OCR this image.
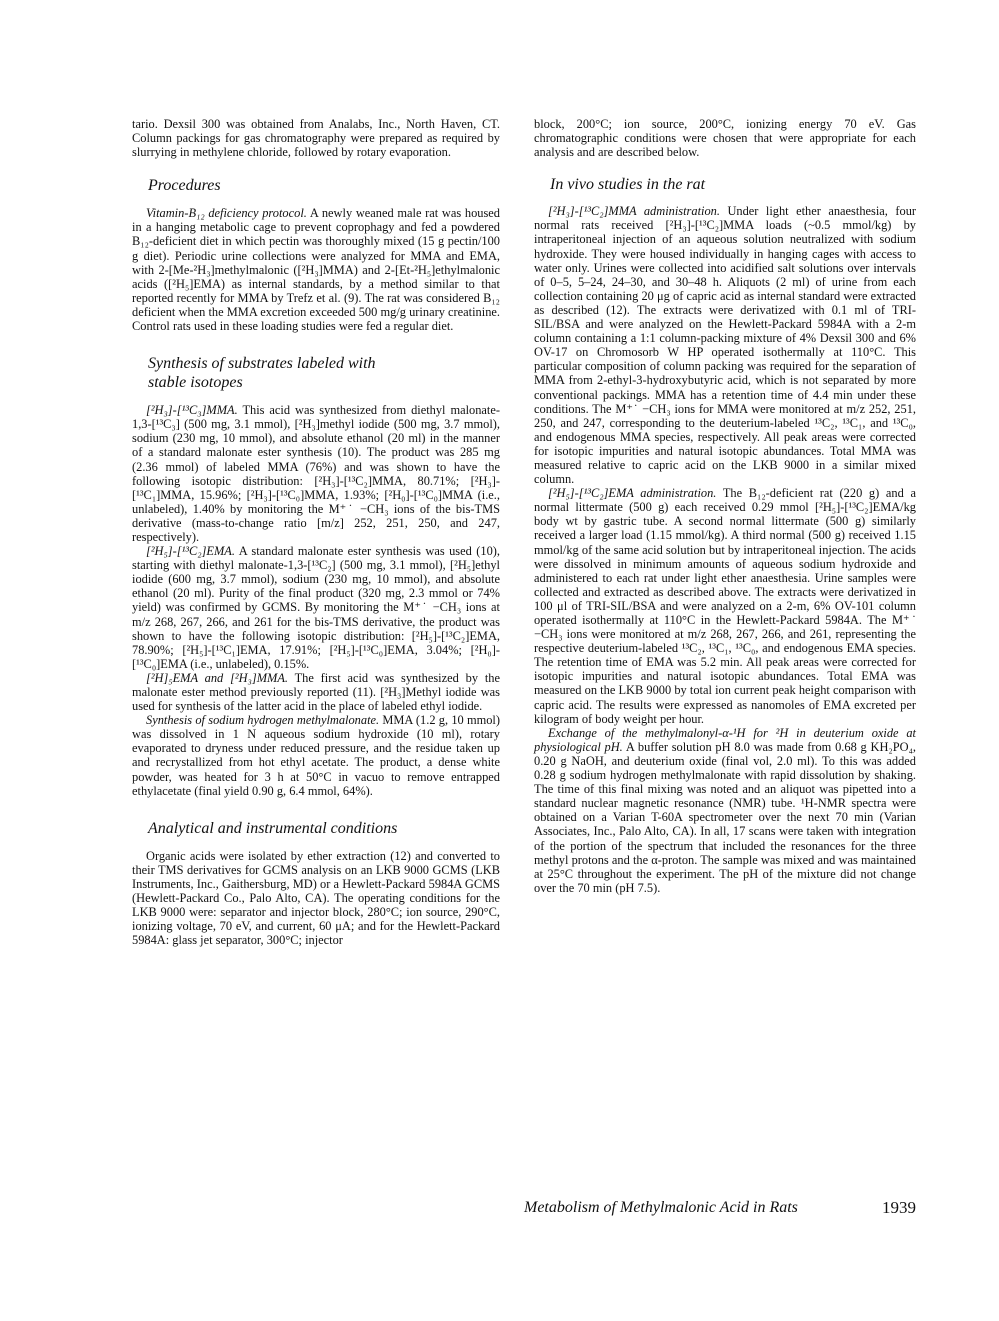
tario. Dexsil 300 was obtained from Analabs, Inc., North Haven, CT. Column packings for gas chromatography were prepared as required by slurrying in methylene chloride, followed by rotary evaporation.

Procedures

Vitamin-B₁₂ deficiency protocol. A newly weaned male rat was housed in a hanging metabolic cage to prevent coprophagy and fed a powdered B₁₂-deficient diet in which pectin was thoroughly mixed (15 g pectin/100 g diet). Periodic urine collections were analyzed for MMA and EMA, with 2-[Me-²H₃]methylmalonic ([²H₃]MMA) and 2-[Et-²H₅]ethylmalonic acids ([²H₅]EMA) as internal standards, by a method similar to that reported recently for MMA by Trefz et al. (9). The rat was considered B₁₂ deficient when the MMA excretion exceeded 500 mg/g urinary creatinine. Control rats used in these loading studies were fed a regular diet.

Synthesis of substrates labeled with
stable isotopes

[²H₃]-[¹³C₃]MMA. This acid was synthesized from diethyl malonate-1,3-[¹³C₃] (500 mg, 3.1 mmol), [²H₃]methyl iodide (500 mg, 3.7 mmol), sodium (230 mg, 10 mmol), and absolute ethanol (20 ml) in the manner of a standard malonate ester synthesis (10). The product was 285 mg (2.36 mmol) of labeled MMA (76%) and was shown to have the following isotopic distribution: [²H₃]-[¹³C₂]MMA, 80.71%; [²H₃]-[¹³C₁]MMA, 15.96%; [²H₃]-[¹³C₀]MMA, 1.93%; [²H₀]-[¹³C₀]MMA (i.e., unlabeled), 1.40% by monitoring the M⁺˙ −CH₃ ions of the bis-TMS derivative (mass-to-change ratio [m/z] 252, 251, 250, and 247, respectively).

[²H₅]-[¹³C₂]EMA. A standard malonate ester synthesis was used (10), starting with diethyl malonate-1,3-[¹³C₂] (500 mg, 3.1 mmol), [²H₅]ethyl iodide (600 mg, 3.7 mmol), sodium (230 mg, 10 mmol), and absolute ethanol (20 ml). Purity of the final product (320 mg, 2.3 mmol or 74% yield) was confirmed by GCMS. By monitoring the M⁺˙ −CH₃ ions at m/z 268, 267, 266, and 261 for the bis-TMS derivative, the product was shown to have the following isotopic distribution: [²H₅]-[¹³C₂]EMA, 78.90%; [²H₅]-[¹³C₁]EMA, 17.91%; [²H₅]-[¹³C₀]EMA, 3.04%; [²H₀]-[¹³C₀]EMA (i.e., unlabeled), 0.15%.

[²H]₅EMA and [²H₃]MMA. The first acid was synthesized by the malonate ester method previously reported (11). [²H₃]Methyl iodide was used for synthesis of the latter acid in the place of labeled ethyl iodide.

Synthesis of sodium hydrogen methylmalonate. MMA (1.2 g, 10 mmol) was dissolved in 1 N aqueous sodium hydroxide (10 ml), rotary evaporated to dryness under reduced pressure, and the residue taken up and recrystallized from hot ethyl acetate. The product, a dense white powder, was heated for 3 h at 50°C in vacuo to remove entrapped ethylacetate (final yield 0.90 g, 6.4 mmol, 64%).

Analytical and instrumental conditions

Organic acids were isolated by ether extraction (12) and converted to their TMS derivatives for GCMS analysis on an LKB 9000 GCMS (LKB Instruments, Inc., Gaithersburg, MD) or a Hewlett-Packard 5984A GCMS (Hewlett-Packard Co., Palo Alto, CA). The operating conditions for the LKB 9000 were: separator and injector block, 280°C; ion source, 290°C, ionizing voltage, 70 eV, and current, 60 μA; and for the Hewlett-Packard 5984A: glass jet separator, 300°C; injector

block, 200°C; ion source, 200°C, ionizing energy 70 eV. Gas chromatographic conditions were chosen that were appropriate for each analysis and are described below.

In vivo studies in the rat

[²H₃]-[¹³C₂]MMA administration. Under light ether anaesthesia, four normal rats received [²H₃]-[¹³C₂]MMA loads (~0.5 mmol/kg) by intraperitoneal injection of an aqueous solution neutralized with sodium hydroxide. They were housed individually in hanging cages with access to water only. Urines were collected into acidified salt solutions over intervals of 0–5, 5–24, 24–30, and 30–48 h. Aliquots (2 ml) of urine from each collection containing 20 μg of capric acid as internal standard were extracted as described (12). The extracts were derivatized with 0.1 ml of TRI-SIL/BSA and were analyzed on the Hewlett-Packard 5984A with a 2-m column containing a 1:1 column-packing mixture of 4% Dexsil 300 and 6% OV-17 on Chromosorb W HP operated isothermally at 110°C. This particular composition of column packing was required for the separation of MMA from 2-ethyl-3-hydroxybutyric acid, which is not separated by more conventional packings. MMA has a retention time of 4.4 min under these conditions. The M⁺˙ −CH₃ ions for MMA were monitored at m/z 252, 251, 250, and 247, corresponding to the deuterium-labeled ¹³C₂, ¹³C₁, and ¹³C₀, and endogenous MMA species, respectively. All peak areas were corrected for isotopic impurities and natural isotopic abundances. Total MMA was measured relative to capric acid on the LKB 9000 in a similar mixed column.

[²H₅]-[¹³C₂]EMA administration. The B₁₂-deficient rat (220 g) and a normal littermate (500 g) each received 0.29 mmol [²H₅]-[¹³C₂]EMA/kg body wt by gastric tube. A second normal littermate (500 g) similarly received a larger load (1.15 mmol/kg). A third normal (500 g) received 1.15 mmol/kg of the same acid solution but by intraperitoneal injection. The acids were dissolved in minimum amounts of aqueous sodium hydroxide and administered to each rat under light ether anaesthesia. Urine samples were collected and extracted as described above. The extracts were derivatized in 100 μl of TRI-SIL/BSA and were analyzed on a 2-m, 6% OV-101 column operated isothermally at 110°C in the Hewlett-Packard 5984A. The M⁺˙ −CH₃ ions were monitored at m/z 268, 267, 266, and 261, representing the respective deuterium-labeled ¹³C₂, ¹³C₁, ¹³C₀, and endogenous EMA species. The retention time of EMA was 5.2 min. All peak areas were corrected for isotopic impurities and natural isotopic abundances. Total EMA was measured on the LKB 9000 by total ion current peak height comparison with capric acid. The results were expressed as nanomoles of EMA excreted per kilogram of body weight per hour.

Exchange of the methylmalonyl-α-¹H for ²H in deuterium oxide at physiological pH. A buffer solution pH 8.0 was made from 0.68 g KH₂PO₄, 0.20 g NaOH, and deuterium oxide (final vol, 2.0 ml). To this was added 0.28 g sodium hydrogen methylmalonate with rapid dissolution by shaking. The time of this final mixing was noted and an aliquot was pipetted into a standard nuclear magnetic resonance (NMR) tube. ¹H-NMR spectra were obtained on a Varian T-60A spectrometer over the next 70 min (Varian Associates, Inc., Palo Alto, CA). In all, 17 scans were taken with integration of the portion of the spectrum that included the resonances for the three methyl protons and the α-proton. The sample was mixed and was maintained at 25°C throughout the experiment. The pH of the mixture did not change over the 70 min (pH 7.5).

Metabolism of Methylmalonic Acid in Rats	1939
